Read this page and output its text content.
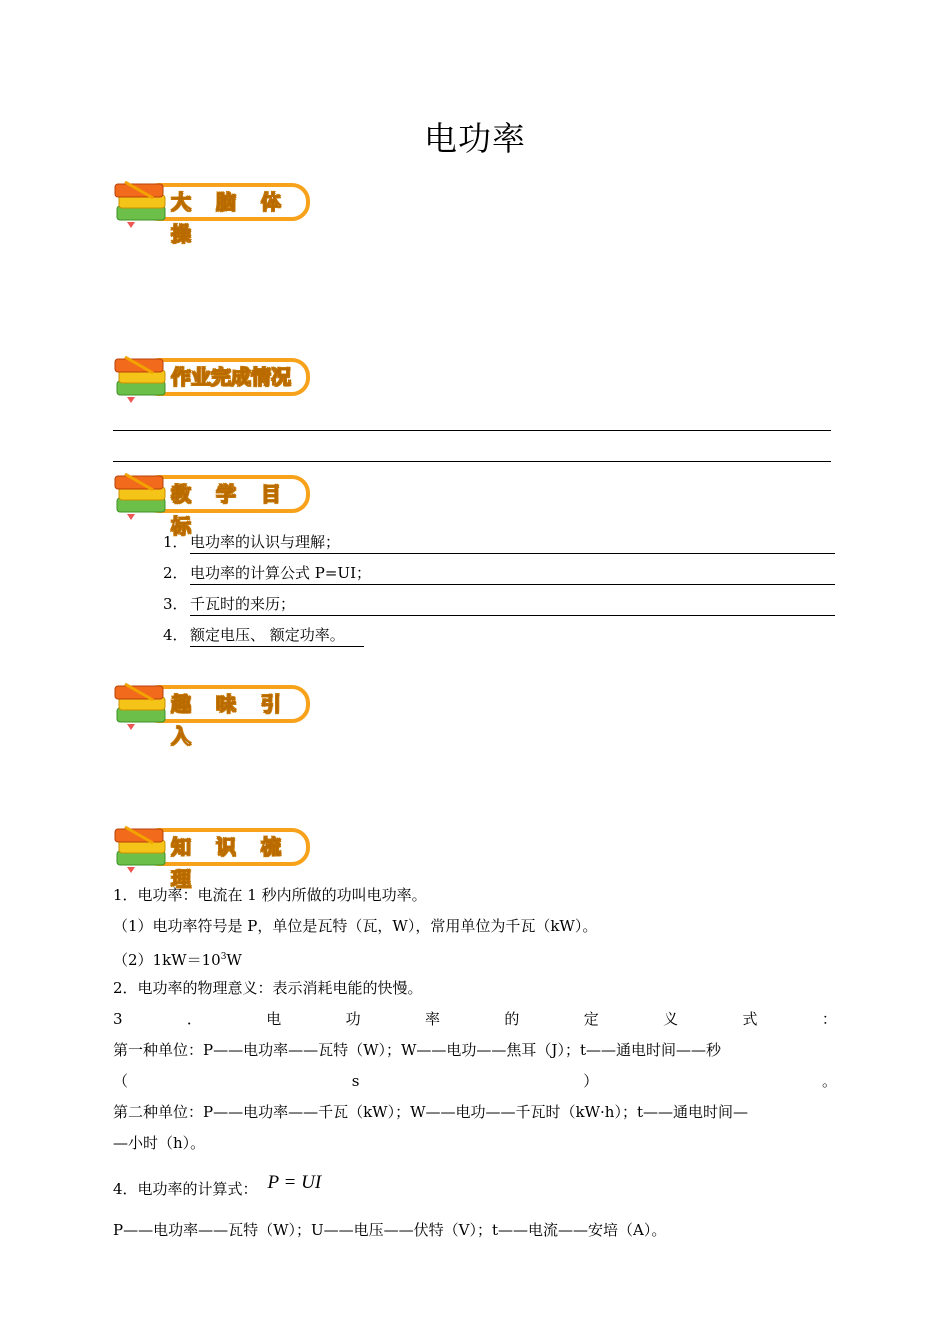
电功率
大 脑 体 操
作业完成情况
教 学 目 标
1． 电功率的认识与理解；
2． 电功率的计算公式 P=UI；
3． 千瓦时的来历；
4． 额定电压、 额定功率。
趣 味 引 入
知 识 梳 理
1．电功率：电流在 1 秒内所做的功叫电功率。
（1）电功率符号是 P，单位是瓦特（瓦，W），常用单位为千瓦（kW）。
$(2)1kW=10^3W$
2．电功率的物理意义：表示消耗电能的快慢。
3	．	电	功	率	的	定	义	式	：
第一种单位：P——电功率——瓦特（W）；W——电功——焦耳（J）；t——通电时间——秒
（	s	）	。
第二种单位：P——电功率——千瓦（kW）；W——电功——千瓦时（kW·h）；t——通电时间—
—小时（h）。
4．电功率的计算式： P = UI
P——电功率——瓦特（W）；U——电压——伏特（V）；t——电流——安培（A）。
